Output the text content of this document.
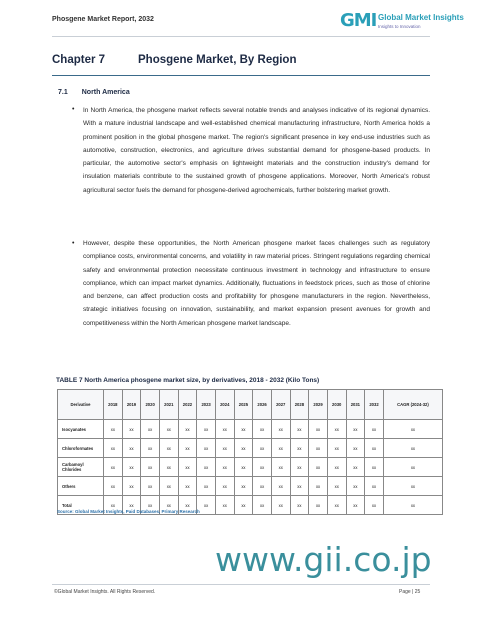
Phosgene Market Report, 2032	GMI Global Market Insights
Insights to Innovation
Chapter 7	Phosgene Market, By Region
7.1 North America
• In North America, the phosgene market reflects several notable trends and analyses indicative of its regional dynamics. With a mature industrial landscape and well-established chemical manufacturing infrastructure, North America holds a prominent position in the global phosgene market. The region's significant presence in key end-use industries such as automotive, construction, electronics, and agriculture drives substantial demand for phosgene-based products. In particular, the automotive sector's emphasis on lightweight materials and the construction industry's demand for insulation materials contribute to the sustained growth of phosgene applications. Moreover, North America's robust agricultural sector fuels the demand for phosgene-derived agrochemicals, further bolstering market growth.
• However, despite these opportunities, the North American phosgene market faces challenges such as regulatory compliance costs, environmental concerns, and volatility in raw material prices. Stringent regulations regarding chemical safety and environmental protection necessitate continuous investment in technology and infrastructure to ensure compliance, which can impact market dynamics. Additionally, fluctuations in feedstock prices, such as those of chlorine and benzene, can affect production costs and profitability for phosgene manufacturers in the region. Nevertheless, strategic initiatives focusing on innovation, sustainability, and market expansion present avenues for growth and competitiveness within the North American phosgene market landscape.
TABLE 7 North America phosgene market size, by derivatives, 2018 - 2032 (Kilo Tons)
Derivative	2018	2019	2020	2021	2022	2023	2024	2025	2026	2027	2028	2029	2030	2031	2032	CAGR (2024-32)
Isocyanates	xx	xx	xx	xx	xx	xx	xx	xx	xx	xx	xx	xx	xx	xx	xx	xx
Chloroformates	xx	xx	xx	xx	xx	xx	xx	xx	xx	xx	xx	xx	xx	xx	xx	xx
Carbamoyl Chlorides	xx	xx	xx	xx	xx	xx	xx	xx	xx	xx	xx	xx	xx	xx	xx	xx
Others	xx	xx	xx	xx	xx	xx	xx	xx	xx	xx	xx	xx	xx	xx	xx	xx
Total	xx	xx	xx	xx	xx	xx	xx	xx	xx	xx	xx	xx	xx	xx	xx	xx
Source: Global Market Insights, Paid Databases, Primary Research
www.gii.co.jp
©Global Market Insights. All Rights Reserved.	Page | 25
